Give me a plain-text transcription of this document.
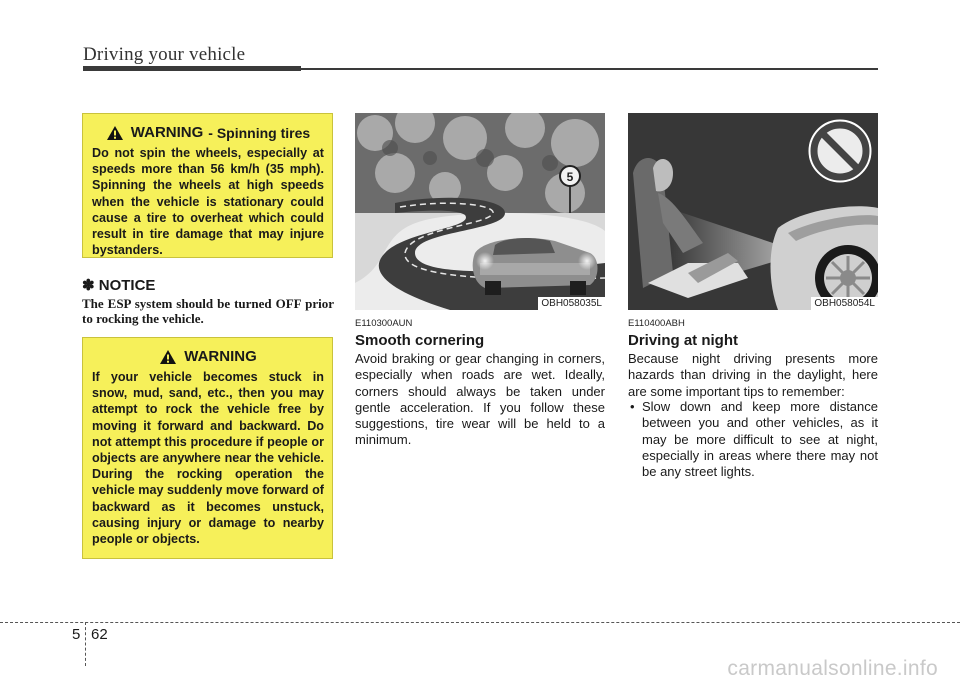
Driving your vehicle
WARNING - Spinning tires
Do not spin the wheels, especially at speeds more than 56 km/h (35 mph). Spinning the wheels at high speeds when the vehicle is stationary could cause a tire to overheat which could result in tire damage that may injure bystanders.
✽ NOTICE
The ESP system should be turned OFF prior to rocking the vehicle.
WARNING
If your vehicle becomes stuck in snow, mud, sand, etc., then you may attempt to rock the vehicle free by moving it forward and backward. Do not attempt this procedure if people or objects are anywhere near the vehicle. During the rocking operation the vehicle may suddenly move forward of backward as it becomes unstuck, causing injury or damage to nearby people or objects.
5
OBH058035L	OBH058054L
E110300AUN
Smooth cornering
Avoid braking or gear changing in corners, especially when roads are wet. Ideally, corners should always be taken under gentle acceleration. If you follow these suggestions, tire wear will be held to a minimum.
E110400ABH
Driving at night
Because night driving presents more hazards than driving in the daylight, here are some important tips to remember:
• Slow down and keep more distance between you and other vehicles, as it may be more difficult to see at night, especially in areas where there may not be any street lights.
5 62
carmanualsonline.info
